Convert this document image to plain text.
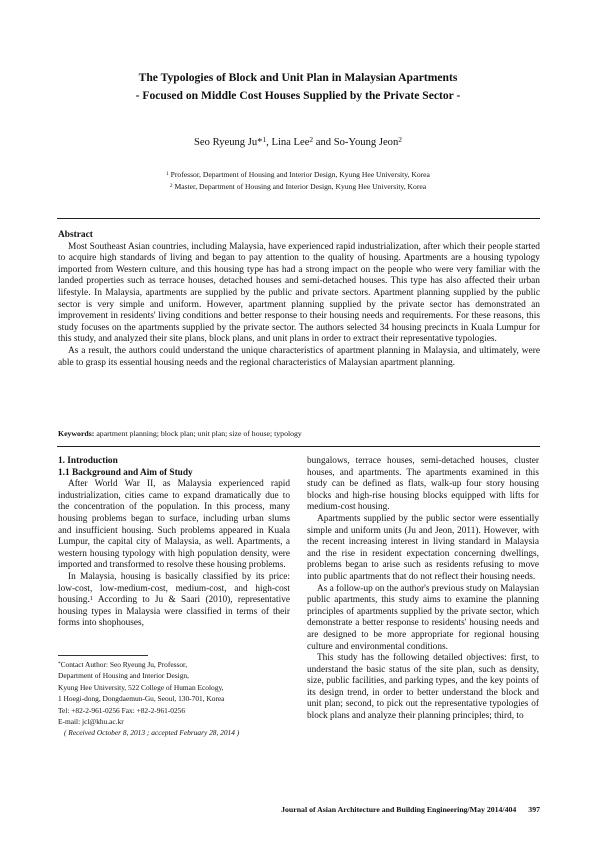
The Typologies of Block and Unit Plan in Malaysian Apartments
- Focused on Middle Cost Houses Supplied by the Private Sector -
Seo Ryeung Ju*$^1$, Lina Lee$^2$ and So-Young Jeon$^2$
$^1$ Professor, Department of Housing and Interior Design, Kyung Hee University, Korea
$^2$ Master, Department of Housing and Interior Design, Kyung Hee University, Korea
Abstract

Most Southeast Asian countries, including Malaysia, have experienced rapid industrialization, after which their people started to acquire high standards of living and began to pay attention to the quality of housing. Apartments are a housing typology imported from Western culture, and this housing type has had a strong impact on the people who were very familiar with the landed properties such as terrace houses, detached houses and semi-detached houses. This type has also affected their urban lifestyle. In Malaysia, apartments are supplied by the public and private sectors. Apartment planning supplied by the public sector is very simple and uniform. However, apartment planning supplied by the private sector has demonstrated an improvement in residents' living conditions and better response to their housing needs and requirements. For these reasons, this study focuses on the apartments supplied by the private sector. The authors selected 34 housing precincts in Kuala Lumpur for this study, and analyzed their site plans, block plans, and unit plans in order to extract their representative typologies.

As a result, the authors could understand the unique characteristics of apartment planning in Malaysia, and ultimately, were able to grasp its essential housing needs and the regional characteristics of Malaysian apartment planning.

Keywords: apartment planning; block plan; unit plan; size of house; typology
1. Introduction
1.1 Background and Aim of Study

After World War II, as Malaysia experienced rapid industrialization, cities came to expand dramatically due to the concentration of the population. In this process, many housing problems began to surface, including urban slums and insufficient housing. Such problems appeared in Kuala Lumpur, the capital city of Malaysia, as well. Apartments, a western housing typology with high population density, were imported and transformed to resolve these housing problems.

In Malaysia, housing is basically classified by its price: low-cost, low-medium-cost, medium-cost, and high-cost housing.$^1$ According to Ju & Saari (2010), representative housing types in Malaysia were classified in terms of their forms into shophouses,

bungalows, terrace houses, semi-detached houses, cluster houses, and apartments. The apartments examined in this study can be defined as flats, walk-up four story housing blocks and high-rise housing blocks equipped with lifts for medium-cost housing.

Apartments supplied by the public sector were essentially simple and uniform units (Ju and Jeon, 2011). However, with the recent increasing interest in living standard in Malaysia and the rise in resident expectation concerning dwellings, problems began to arise such as residents refusing to move into public apartments that do not reflect their housing needs.

As a follow-up on the author's previous study on Malaysian public apartments, this study aims to examine the planning principles of apartments supplied by the private sector, which demonstrate a better response to residents' housing needs and are designed to be more appropriate for regional housing culture and environmental conditions.

This study has the following detailed objectives: first, to understand the basic status of the site plan, such as density, size, public facilities, and parking types, and the key points of its design trend, in order to better understand the block and unit plan; second, to pick out the representative typologies of block plans and analyze their planning principles; third, to

*Contact Author: Seo Ryeung Ju, Professor,
Department of Housing and Interior Design,
Kyung Hee University, 522 College of Human Ecology,
1 Hoegi-dong, Dongdaemun-Gu, Seoul, 130-701, Korea
Tel: +82-2-961-0256 Fax: +82-2-961-0256
E-mail: jcl@khu.ac.kr
( Received October 8, 2013 ; accepted February 28, 2014 )
Journal of Asian Architecture and Building Engineering/May 2014/404 397
